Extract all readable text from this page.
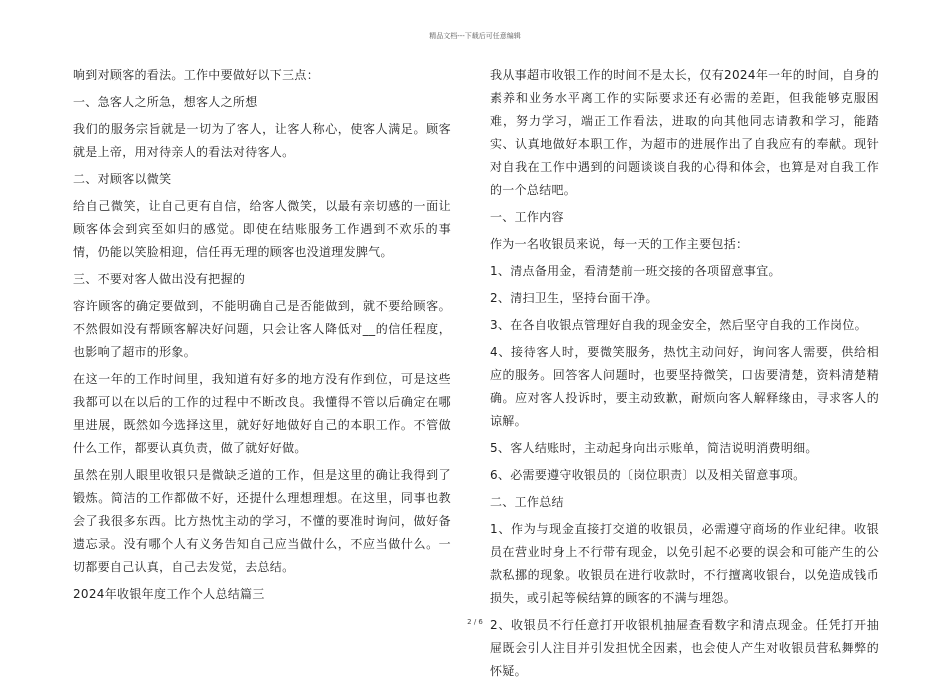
精品文档---下载后可任意编辑

响到对顾客的看法。工作中要做好以下三点：

一、急客人之所急，想客人之所想

我们的服务宗旨就是一切为了客人，让客人称心，使客人满足。顾客就是上帝，用对待亲人的看法对待客人。

二、对顾客以微笑

给自己微笑，让自己更有自信，给客人微笑，以最有亲切感的一面让顾客体会到宾至如归的感觉。即使在结账服务工作遇到不欢乐的事情，仍能以笑脸相迎，信任再无理的顾客也没道理发脾气。

三、不要对客人做出没有把握的

容许顾客的确定要做到，不能明确自己是否能做到，就不要给顾客。不然假如没有帮顾客解决好问题，只会让客人降低对__的信任程度，也影响了超市的形象。

在这一年的工作时间里，我知道有好多的地方没有作到位，可是这些我都可以在以后的工作的过程中不断改良。我懂得不管以后确定在哪里进展，既然如今选择这里，就好好地做好自己的本职工作。不管做什么工作，都要认真负责，做了就好好做。

虽然在别人眼里收银只是微缺乏道的工作，但是这里的确让我得到了锻炼。简洁的工作都做不好，还提什么理想理想。在这里，同事也教会了我很多东西。比方热忱主动的学习，不懂的要准时询问，做好备遗忘录。没有哪个人有义务告知自己应当做什么，不应当做什么。一切都要自己认真，自己去发觉，去总结。

2024年收银年度工作个人总结篇三

我从事超市收银工作的时间不是太长，仅有2024年一年的时间，自身的素养和业务水平离工作的实际要求还有必需的差距，但我能够克服困难，努力学习，端正工作看法，进取的向其他同志请教和学习，能踏实、认真地做好本职工作，为超市的进展作出了自我应有的奉献。现针对自我在工作中遇到的问题谈谈自我的心得和体会，也算是对自我工作的一个总结吧。

一、工作内容

作为一名收银员来说，每一天的工作主要包括：

1、清点备用金，看清楚前一班交接的各项留意事宜。

2、清扫卫生，坚持台面干净。

3、在各自收银点管理好自我的现金安全，然后坚守自我的工作岗位。

4、接待客人时，要微笑服务，热忱主动问好，询问客人需要，供给相应的服务。回答客人问题时，也要坚持微笑，口齿要清楚，资料清楚精确。应对客人投诉时，要主动致歉，耐烦向客人解释缘由，寻求客人的谅解。

5、客人结账时，主动起身向出示账单，简洁说明消费明细。

6、必需要遵守收银员的〔岗位职责〕以及相关留意事项。

二、工作总结

1、作为与现金直接打交道的收银员，必需遵守商场的作业纪律。收银员在营业时身上不行带有现金，以免引起不必要的误会和可能产生的公款私挪的现象。收银员在进行收款时，不行擅离收银台，以免造成钱币损失，或引起等候结算的顾客的不满与埋怨。

2、收银员不行任意打开收银机抽屉查看数字和清点现金。任凭打开抽屉既会引人注目并引发担忧全因素，也会使人产生对收银员营私舞弊的怀疑。

2 / 6
